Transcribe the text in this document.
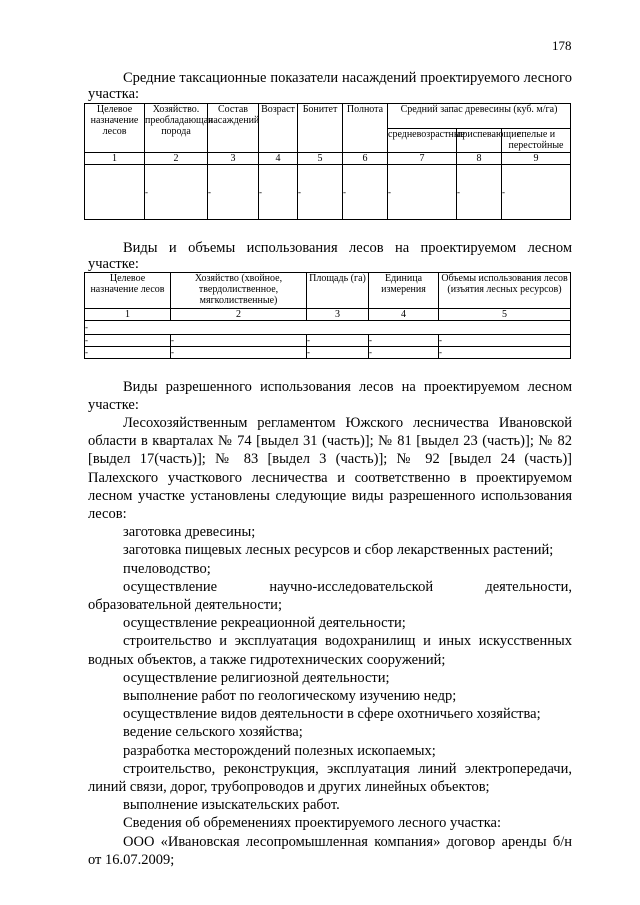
178
Средние таксационные показатели насаждений проектируемого лесного участка:
Целевое назначение лесов	Хозяйство. преобладающая порода	Состав насаждений	Возраст	Бонитет	Полнота	Средний запас древесины (куб. м/га)		
						средневозрастные	приспевающие	спелые и перестойные
1	2	3	4	5	6	7	8	9
	-	-	-	-	-	-	-	-
Виды и объемы использования лесов на проектируемом лесном участке:
Целевое назначение лесов	Хозяйство (хвойное, твердолиственное, мягколиственные)	Площадь (га)	Единица измерения	Объемы использования лесов (изъятия лесных ресурсов)
1	2	3	4	5
-				
-	-	-	-	-
-	-	-	-	-
Виды разрешенного использования лесов на проектируемом лесном участке:

Лесохозяйственным регламентом Южского лесничества Ивановской области в кварталах № 74 [выдел 31 (часть)]; № 81 [выдел 23 (часть)]; № 82 [выдел 17(часть)]; № 83 [выдел 3 (часть)]; № 92 [выдел 24 (часть)] Палехского участкового лесничества и соответственно в проектируемом лесном участке установлены следующие виды разрешенного использования лесов:

заготовка древесины;

заготовка пищевых лесных ресурсов и сбор лекарственных растений;

пчеловодство;

осуществление научно-исследовательской деятельности, образовательной деятельности;

осуществление рекреационной деятельности;

строительство и эксплуатация водохранилищ и иных искусственных водных объектов, а также гидротехнических сооружений;

осуществление религиозной деятельности;

выполнение работ по геологическому изучению недр;

осуществление видов деятельности в сфере охотничьего хозяйства;

ведение сельского хозяйства;

разработка месторождений полезных ископаемых;

строительство, реконструкция, эксплуатация линий электропередачи, линий связи, дорог, трубопроводов и других линейных объектов;

выполнение изыскательских работ.

Сведения об обременениях проектируемого лесного участка:

ООО «Ивановская лесопромышленная компания» договор аренды б/н от 16.07.2009;
